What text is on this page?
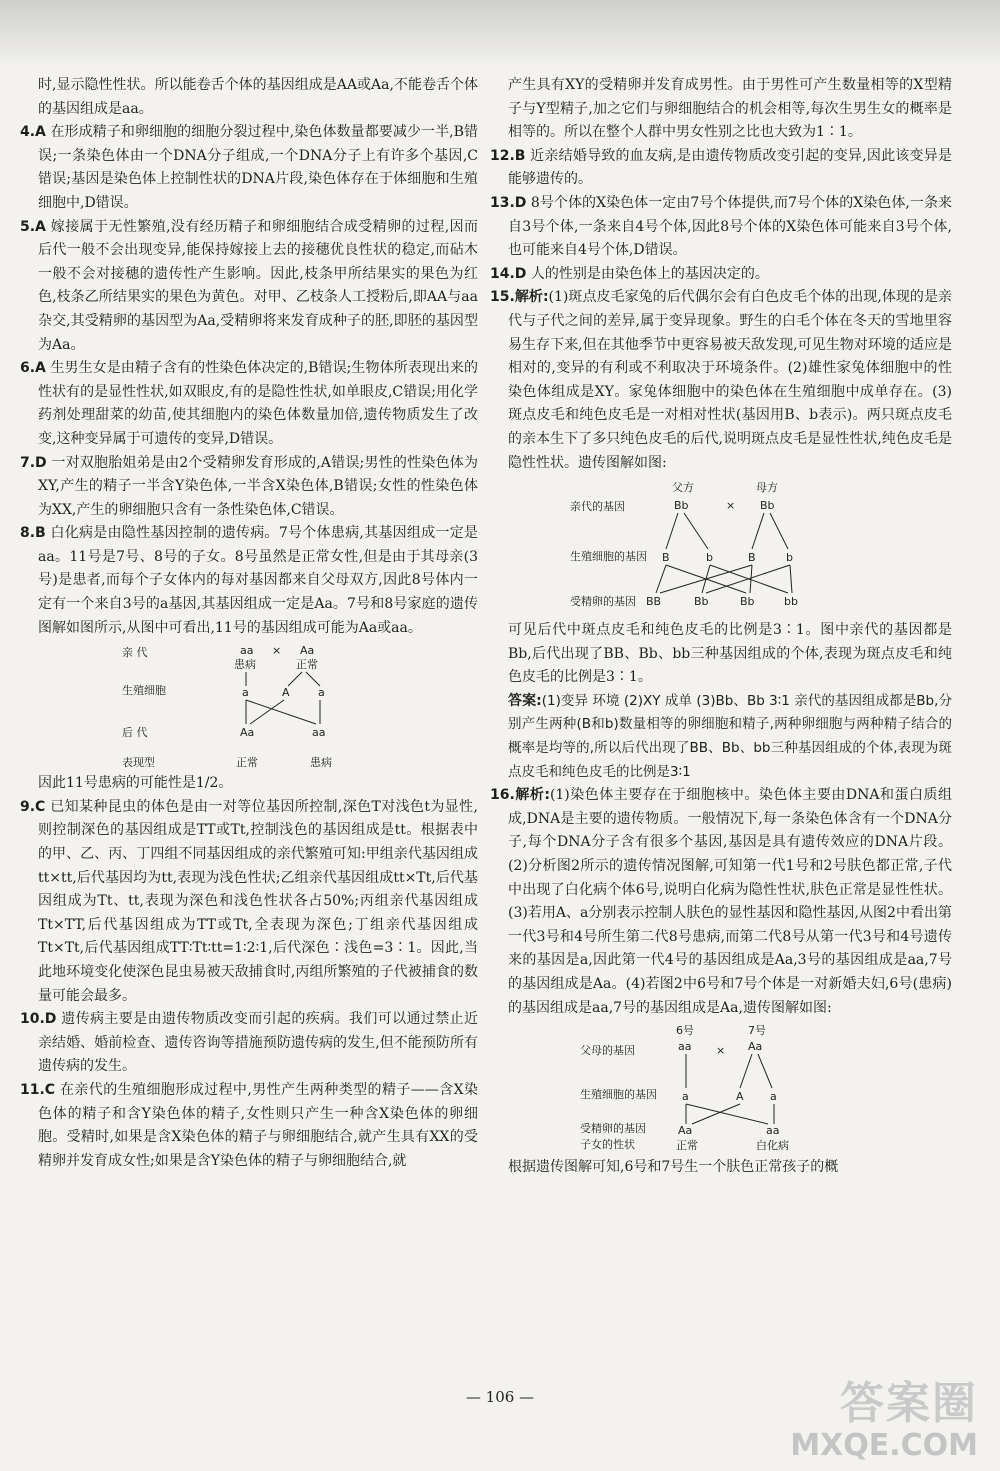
时,显示隐性性状。所以能卷舌个体的基因组成是AA或Aa,不能卷舌个体的基因组成是aa。

4.A 在形成精子和卵细胞的细胞分裂过程中,染色体数量都要减少一半,B错误;一条染色体由一个DNA分子组成,一个DNA分子上有许多个基因,C错误;基因是染色体上控制性状的DNA片段,染色体存在于体细胞和生殖细胞中,D错误。

5.A 嫁接属于无性繁殖,没有经历精子和卵细胞结合成受精卵的过程,因而后代一般不会出现变异,能保持嫁接上去的接穗优良性状的稳定,而砧木一般不会对接穗的遗传性产生影响。因此,枝条甲所结果实的果色为红色,枝条乙所结果实的果色为黄色。对甲、乙枝条人工授粉后,即AA与aa杂交,其受精卵的基因型为Aa,受精卵将来发育成种子的胚,即胚的基因型为Aa。

6.A 生男生女是由精子含有的性染色体决定的,B错误;生物体所表现出来的性状有的是显性性状,如双眼皮,有的是隐性性状,如单眼皮,C错误;用化学药剂处理甜菜的幼苗,使其细胞内的染色体数量加倍,遗传物质发生了改变,这种变异属于可遗传的变异,D错误。

7.D 一对双胞胎姐弟是由2个受精卵发育形成的,A错误;男性的性染色体为XY,产生的精子一半含Y染色体,一半含X染色体,B错误;女性的性染色体为XX,产生的卵细胞只含有一条性染色体,C错误。

8.B 白化病是由隐性基因控制的遗传病。7号个体患病,其基因组成一定是aa。11号是7号、8号的子女。8号虽然是正常女性,但是由于其母亲(3号)是患者,而每个子女体内的每对基因都来自父母双方,因此8号体内一定有一个来自3号的a基因,其基因组成一定是Aa。7号和8号家庭的遗传图解如图所示,从图中可看出,11号的基因组成可能为Aa或aa。

亲 代
生殖细胞
后 代
表现型
aa × Aa
患病	正常
a	A	a
Aa	aa
正常	患病

因此11号患病的可能性是1/2。

9.C 已知某种昆虫的体色是由一对等位基因所控制,深色T对浅色t为显性,则控制深色的基因组成是TT或Tt,控制浅色的基因组成是tt。根据表中的甲、乙、丙、丁四组不同基因组成的亲代繁殖可知:甲组亲代基因组成tt×tt,后代基因均为tt,表现为浅色性状;乙组亲代基因组成tt×Tt,后代基因组成为Tt、tt,表现为深色和浅色性状各占50%;丙组亲代基因组成Tt×TT,后代基因组成为TT或Tt,全表现为深色;丁组亲代基因组成Tt×Tt,后代基因组成TT∶Tt∶tt=1∶2∶1,后代深色∶浅色=3∶1。因此,当此地环境变化使深色昆虫易被天敌捕食时,丙组所繁殖的子代被捕食的数量可能会最多。

10.D 遗传病主要是由遗传物质改变而引起的疾病。我们可以通过禁止近亲结婚、婚前检查、遗传咨询等措施预防遗传病的发生,但不能预防所有遗传病的发生。

11.C 在亲代的生殖细胞形成过程中,男性产生两种类型的精子——含X染色体的精子和含Y染色体的精子,女性则只产生一种含X染色体的卵细胞。受精时,如果是含X染色体的精子与卵细胞结合,就产生具有XX的受精卵并发育成女性;如果是含Y染色体的精子与卵细胞结合,就

产生具有XY的受精卵并发育成男性。由于男性可产生数量相等的X型精子与Y型精子,加之它们与卵细胞结合的机会相等,每次生男生女的概率是相等的。所以在整个人群中男女性别之比也大致为1∶1。

12.B 近亲结婚导致的血友病,是由遗传物质改变引起的变异,因此该变异是能够遗传的。

13.D 8号个体的X染色体一定由7号个体提供,而7号个体的X染色体,一条来自3号个体,一条来自4号个体,因此8号个体的X染色体可能来自3号个体,也可能来自4号个体,D错误。

14.D 人的性别是由染色体上的基因决定的。

15.解析:(1)斑点皮毛家兔的后代偶尔会有白色皮毛个体的出现,体现的是亲代与子代之间的差异,属于变异现象。野生的白毛个体在冬天的雪地里容易生存下来,但在其他季节中更容易被天敌发现,可见生物对环境的适应是相对的,变异的有利或不利取决于环境条件。(2)雄性家兔体细胞中的性染色体组成是XY。家兔体细胞中的染色体在生殖细胞中成单存在。(3)斑点皮毛和纯色皮毛是一对相对性状(基因用B、b表示)。两只斑点皮毛的亲本生下了多只纯色皮毛的后代,说明斑点皮毛是显性性状,纯色皮毛是隐性性状。遗传图解如图:

父方	母方
亲代的基因
生殖细胞的基因
受精卵的基因
Bb	× Bb
B	b	B	b
BB	Bb	Bb	bb

可见后代中斑点皮毛和纯色皮毛的比例是3∶1。图中亲代的基因都是Bb,后代出现了BB、Bb、bb三种基因组成的个体,表现为斑点皮毛和纯色皮毛的比例是3∶1。

答案:(1)变异 环境 (2)XY 成单 (3)Bb、Bb 3∶1 亲代的基因组成都是Bb,分别产生两种(B和b)数量相等的卵细胞和精子,两种卵细胞与两种精子结合的概率是均等的,所以后代出现了BB、Bb、bb三种基因组成的个体,表现为斑点皮毛和纯色皮毛的比例是3∶1

16.解析:(1)染色体主要存在于细胞核中。染色体主要由DNA和蛋白质组成,DNA是主要的遗传物质。一般情况下,每一条染色体含有一个DNA分子,每个DNA分子含有很多个基因,基因是具有遗传效应的DNA片段。(2)分析图2所示的遗传情况图解,可知第一代1号和2号肤色都正常,子代中出现了白化病个体6号,说明白化病为隐性性状,肤色正常是显性性状。(3)若用A、a分别表示控制人肤色的显性基因和隐性基因,从图2中看出第一代3号和4号所生第二代8号患病,而第二代8号从第一代3号和4号遗传来的基因是a,因此第一代4号的基因组成是Aa,3号的基因组成是aa,7号的基因组成是Aa。(4)若图2中6号和7号个体是一对新婚夫妇,6号(患病)的基因组成是aa,7号的基因组成是Aa,遗传图解如图:

6号	7号
父母的基因
生殖细胞的基因
受精卵的基因
子女的性状
aa × Aa
a	A a
Aa	aa
正常	白化病

根据遗传图解可知,6号和7号生一个肤色正常孩子的概

— 106 —	答案圈
MXQE.COM
